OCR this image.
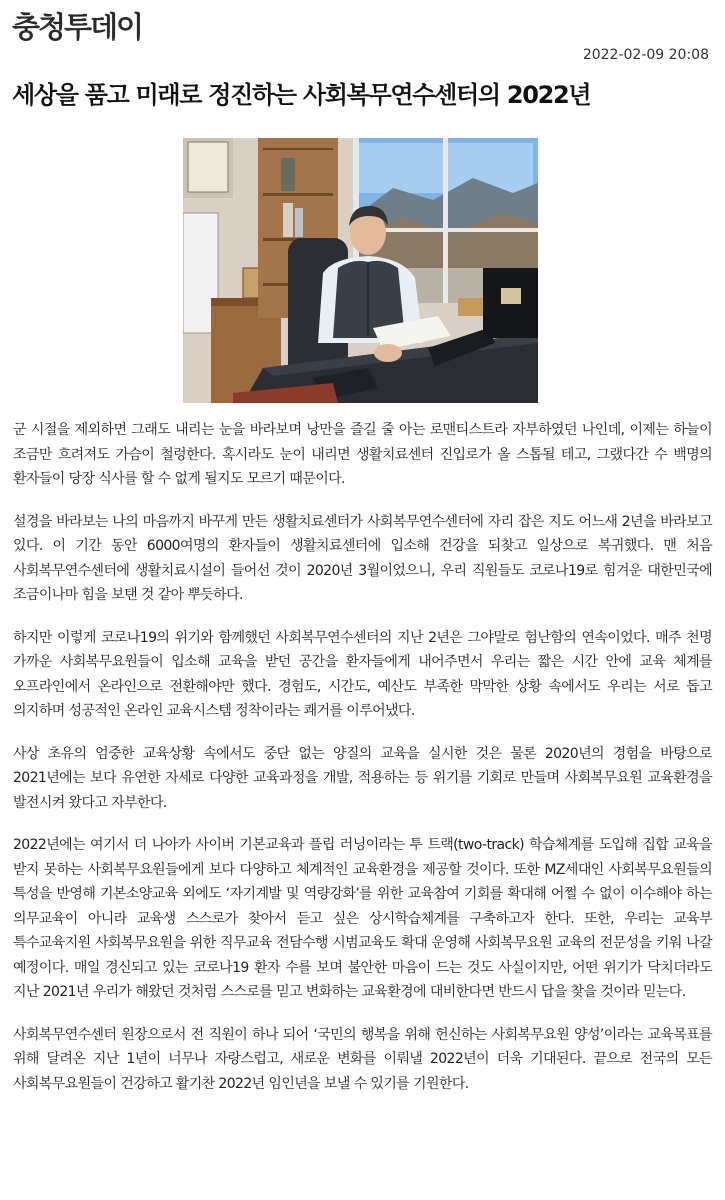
충청투데이
2022-02-09 20:08
세상을 품고 미래로 정진하는 사회복무연수센터의 2022년

군 시절을 제외하면 그래도 내리는 눈을 바라보며 낭만을 즐길 줄 아는 로맨티스트라 자부하였던 나인데, 이제는 하늘이 조금만 흐려져도 가슴이 철렁한다. 혹시라도 눈이 내리면 생활치료센터 진입로가 올 스톱될 테고, 그랬다간 수 백명의 환자들이 당장 식사를 할 수 없게 될지도 모르기 때문이다.

설경을 바라보는 나의 마음까지 바꾸게 만든 생활치료센터가 사회복무연수센터에 자리 잡은 지도 어느새 2년을 바라보고 있다. 이 기간 동안 6000여명의 환자들이 생활치료센터에 입소해 건강을 되찾고 일상으로 복귀했다. 맨 처음 사회복무연수센터에 생활치료시설이 들어선 것이 2020년 3월이었으니, 우리 직원들도 코로나19로 힘겨운 대한민국에 조금이나마 힘을 보탠 것 같아 뿌듯하다.

하지만 이렇게 코로나19의 위기와 함께했던 사회복무연수센터의 지난 2년은 그야말로 험난함의 연속이었다. 매주 천명 가까운 사회복무요원들이 입소해 교육을 받던 공간을 환자들에게 내어주면서 우리는 짧은 시간 안에 교육 체계를 오프라인에서 온라인으로 전환해야만 했다. 경험도, 시간도, 예산도 부족한 막막한 상황 속에서도 우리는 서로 돕고 의지하며 성공적인 온라인 교육시스템 정착이라는 쾌거를 이루어냈다.

사상 초유의 엄중한 교육상황 속에서도 중단 없는 양질의 교육을 실시한 것은 물론 2020년의 경험을 바탕으로 2021년에는 보다 유연한 자세로 다양한 교육과정을 개발, 적용하는 등 위기를 기회로 만들며 사회복무요원 교육환경을 발전시켜 왔다고 자부한다.

2022년에는 여기서 더 나아가 사이버 기본교육과 플립 러닝이라는 투 트랙(two-track) 학습체계를 도입해 집합 교육을 받지 못하는 사회복무요원들에게 보다 다양하고 체계적인 교육환경을 제공할 것이다. 또한 MZ세대인 사회복무요원들의 특성을 반영해 기본소양교육 외에도 ‘자기계발 및 역량강화’를 위한 교육참여 기회를 확대해 어쩔 수 없이 이수해야 하는 의무교육이 아니라 교육생 스스로가 찾아서 듣고 싶은 상시학습체계를 구축하고자 한다. 또한, 우리는 교육부 특수교육지원 사회복무요원을 위한 직무교육 전담수행 시범교육도 확대 운영해 사회복무요원 교육의 전문성을 키워 나갈 예정이다. 매일 경신되고 있는 코로나19 환자 수를 보며 불안한 마음이 드는 것도 사실이지만, 어떤 위기가 닥치더라도 지난 2021년 우리가 해왔던 것처럼 스스로를 믿고 변화하는 교육환경에 대비한다면 반드시 답을 찾을 것이라 믿는다.

사회복무연수센터 원장으로서 전 직원이 하나 되어 ‘국민의 행복을 위해 헌신하는 사회복무요원 양성’이라는 교육목표를 위해 달려온 지난 1년이 너무나 자랑스럽고, 새로운 변화를 이뤄낼 2022년이 더욱 기대된다. 끝으로 전국의 모든 사회복무요원들이 건강하고 활기찬 2022년 임인년을 보낼 수 있기를 기원한다.
